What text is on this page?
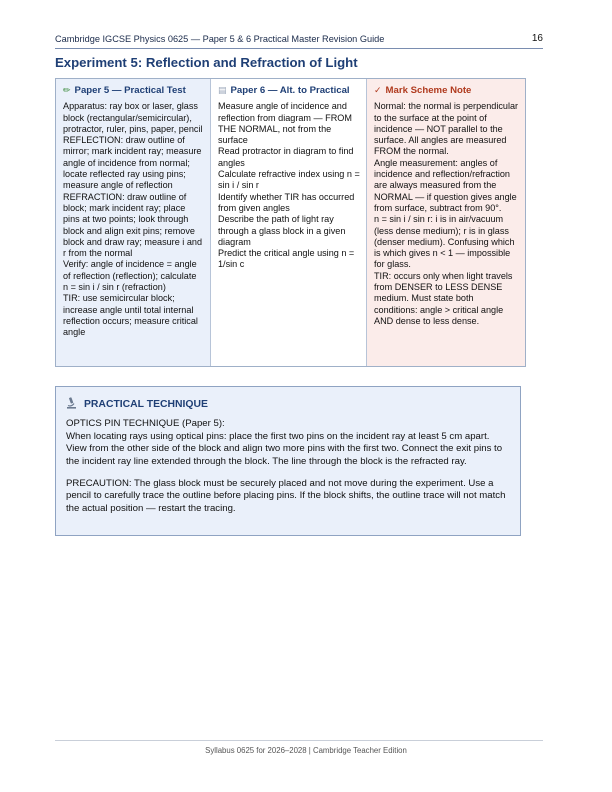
Cambridge IGCSE Physics 0625 — Paper 5 & 6 Practical Master Revision Guide	16
Experiment 5: Reflection and Refraction of Light
✏ Paper 5 — Practical Test

Apparatus: ray box or laser, glass block (rectangular/semicircular), protractor, ruler, pins, paper, pencil

REFLECTION: draw outline of mirror; mark incident ray; measure angle of incidence from normal; locate reflected ray using pins; measure angle of reflection

REFRACTION: draw outline of block; mark incident ray; place pins at two points; look through block and align exit pins; remove block and draw ray; measure i and r from the normal

Verify: angle of incidence = angle of reflection (reflection); calculate n = sin i / sin r (refraction)

TIR: use semicircular block; increase angle until total internal reflection occurs; measure critical angle

▤ Paper 6 — Alt. to Practical

Measure angle of incidence and reflection from diagram — FROM THE NORMAL, not from the surface

Read protractor in diagram to find angles

Calculate refractive index using n = sin i / sin r

Identify whether TIR has occurred from given angles

Describe the path of light ray through a glass block in a given diagram

Predict the critical angle using n = 1/sin c

✓ Mark Scheme Note

Normal: the normal is perpendicular to the surface at the point of incidence — NOT parallel to the surface. All angles are measured FROM the normal.

Angle measurement: angles of incidence and reflection/refraction are always measured from the NORMAL — if question gives angle from surface, subtract from 90°.

n = sin i / sin r: i is in air/vacuum (less dense medium); r is in glass (denser medium). Confusing which is which gives n < 1 — impossible for glass.

TIR: occurs only when light travels from DENSER to LESS DENSE medium. Must state both conditions: angle > critical angle AND dense to less dense.

PRACTICAL TECHNIQUE

OPTICS PIN TECHNIQUE (Paper 5):

When locating rays using optical pins: place the first two pins on the incident ray at least 5 cm apart. View from the other side of the block and align two more pins with the first two. Connect the exit pins to the incident ray line extended through the block. The line through the block is the refracted ray.

PRECAUTION: The glass block must be securely placed and not move during the experiment. Use a pencil to carefully trace the outline before placing pins. If the block shifts, the outline trace will not match the actual position — restart the tracing.

Syllabus 0625 for 2026–2028 | Cambridge Teacher Edition
